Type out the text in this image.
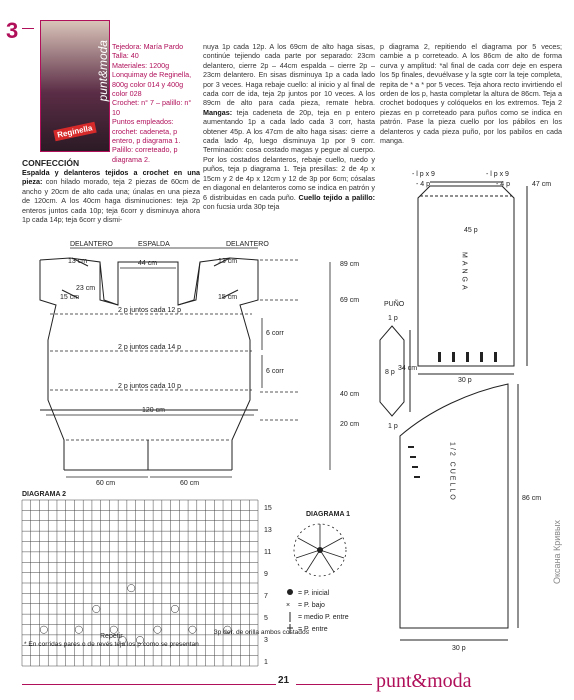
3
punt&moda
Reginella
Tejedora: María Pardo
Talla: 40
Materiales: 1200g Lonquimay de Reginella, 800g color 014 y 400g color 028
Crochet: n° 7 – palillo: n° 10
Puntos empleados: crochet: cadeneta, p entero, p diagrama 1. Palillo: correteado, p diagrama 2.
nuya 1p cada 12p. A los 69cm de alto haga sisas, continúe tejiendo cada parte por separado: 23cm delantero, cierre 2p – 44cm espalda – cierre 2p – 23cm delantero. En sisas disminuya 1p a cada lado por 3 veces. Haga rebaje cuello: al inicio y al final de cada corr de ida, teja 2p juntos por 10 veces. A los 89cm de alto para cada pieza, remate hebra. Mangas: teja cadeneta de 20p, teja en p entero aumentando 1p a cada lado cada 3 corr, hasta obtener 45p. A los 47cm de alto haga sisas: cierre a cada lado 4p, luego disminuya 1p por 9 corr. Terminación: cosa costado magas y pegue al cuerpo. Por los costados delanteros, rebaje cuello, ruedo y puños, teja p diagrama 1. Teja presillas: 2 de 4p x 15cm y 2 de 4p x 12cm y 12 de 3p por 6cm; cósalas en diagonal en delanteros como se indica en patrón y 6 distribuidas en cada puño. Cuello tejido a palillo: con fucsia urda 30p teja
p diagrama 2, repitiendo el diagrama por 5 veces; cambie a p correteado. A los 86cm de alto de forma curva y amplitud: *al final de cada corr deje en espera los 5p finales, devuélvase y la sgte corr la teje completa, repita de * a * por 5 veces. Teja ahora recto invirtiendo el orden de los p, hasta completar la altura de 86cm. Teja a crochet bodoques y colóquelos en los extremos. Teja 2 piezas en p correteado para puños como se indica en patrón. Pase la pieza cuello por los pábilos en los delanteros y cada pieza puño, por los pabilos en cada manga.
CONFECCIÓN
Espalda y delanteros tejidos a crochet en una pieza: con hilado morado, teja 2 piezas de 60cm de ancho y 20cm de alto cada una; únalas en una pieza de 120cm. A los 40cm haga disminuciones: teja 2p enteros juntos cada 10p; teja 6corr y disminuya ahora 1p cada 14p; teja 6corr y dismi-
DELANTERO	ESPALDA	DELANTERO
44 cm
13 cm
23 cm
15 cm
13 cm
15 cm
2 p juntos cada 12 p
2 p juntos cada 14 p
2 p juntos cada 10 p
6 corr
6 corr
120 cm
60 cm	60 cm
89 cm
69 cm
40 cm
20 cm
- l p x 9	- l p x 9
- 4 p	- 4 p
45 p
MANGA
47 cm
34 cm
30 p
PUÑO
1 p
8 p
1 p
1/2 CUELLO	86 cm
30 p
DIAGRAMA 2
15
13
11
9
7
5
3
1
Repetir
3p der. de orilla ambos costados
* En corridas pares o de revés teja los p como se presentan
DIAGRAMA 1
= P. inicial
× = P. bajo
= medio P. entre
= P. entre
21	punt&moda
Оксана Кривых
